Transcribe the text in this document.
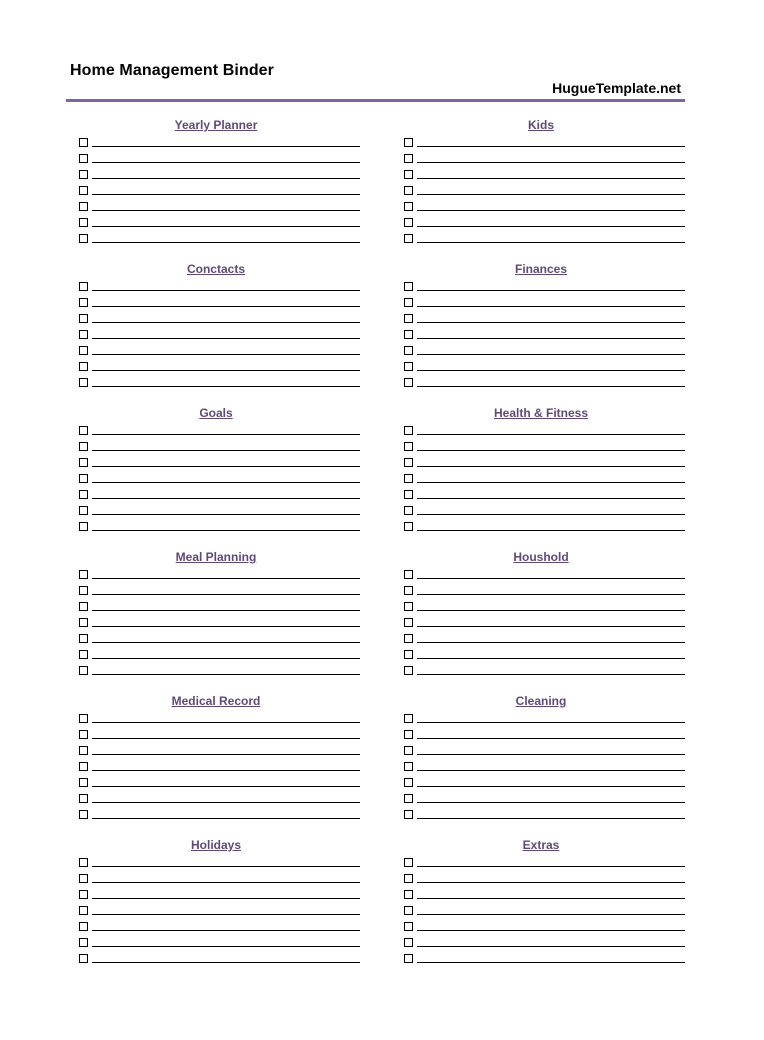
Home Management Binder
HugueTemplate.net
Yearly Planner	Kids
Conctacts	Finances
Goals	Health & Fitness
Meal Planning	Houshold
Medical Record	Cleaning
Holidays	Extras
